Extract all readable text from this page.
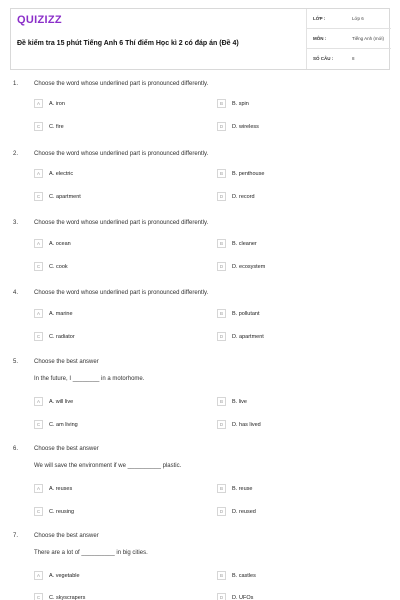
QUIZIZZ
Đề kiểm tra 15 phút Tiếng Anh 6 Thí điểm Học kì 2 có đáp án (Đề 4)
LỚP :	Lớp 6
MÔN :	Tiếng Anh (mới)
SỐ CÂU :	8
1.	Choose the word whose underlined part is pronounced differently.
A	A. iron	B	B. spin
C	C. fire	D	D. wireless
2.	Choose the word whose underlined part is pronounced differently.
A	A. electric	B	B. penthouse
C	C. apartment	D	D. record
3.	Choose the word whose underlined part is pronounced differently.
A	A. ocean	B	B. cleaner
C	C. cook	D	D. ecosystem
4.	Choose the word whose underlined part is pronounced differently.
A	A. marine	B	B. pollutant
C	C. radiator	D	D. apartment
5.	Choose the best answer
In the future, I ________ in a motorhome.
A	A. will live	B	B. live
C	C. am living	D	D. has lived
6.	Choose the best answer
We will save the environment if we __________ plastic.
A	A. reuses	B	B. reuse
C	C. reusing	D	D. reused
7.	Choose the best answer
There are a lot of __________ in big cities.
A	A. vegetable	B	B. castles
C	C. skyscrapers	D	D. UFOs
